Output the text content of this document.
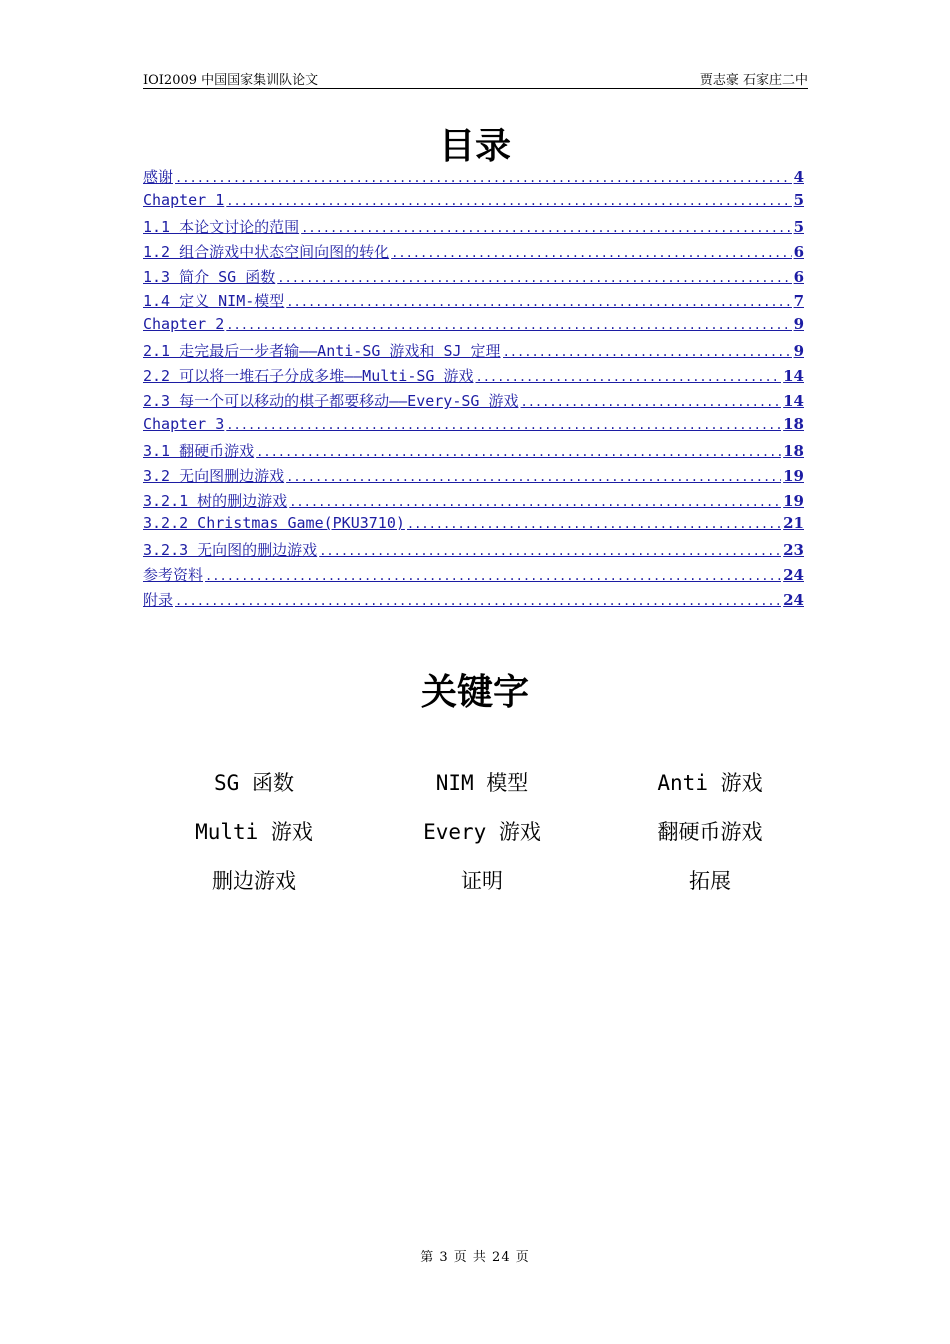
IOI2009 中国国家集训队论文	贾志豪 石家庄二中
目录
感谢 .....	4
Chapter 1 .....	5
1.1 本论文讨论的范围 .....	5
1.2 组合游戏中状态空间向图的转化 .....	6
1.3 简介 SG 函数 .....	6
1.4 定义 NIM-模型 .....	7
Chapter 2 .....	9
2.1 走完最后一步者输——Anti-SG 游戏和 SJ 定理 .....	9
2.2 可以将一堆石子分成多堆——Multi-SG 游戏 .....	14
2.3 每一个可以移动的棋子都要移动——Every-SG 游戏 .....	14
Chapter 3 .....	18
3.1 翻硬币游戏 .....	18
3.2 无向图删边游戏 .....	19
3.2.1 树的删边游戏 .....	19
3.2.2 Christmas Game(PKU3710) .....	21
3.2.3 无向图的删边游戏 .....	23
参考资料 .....	24
附录 .....	24
关键字
SG 函数	NIM 模型	Anti 游戏
Multi 游戏	Every 游戏	翻硬币游戏
删边游戏	证明	拓展
第 3 页 共 24 页
